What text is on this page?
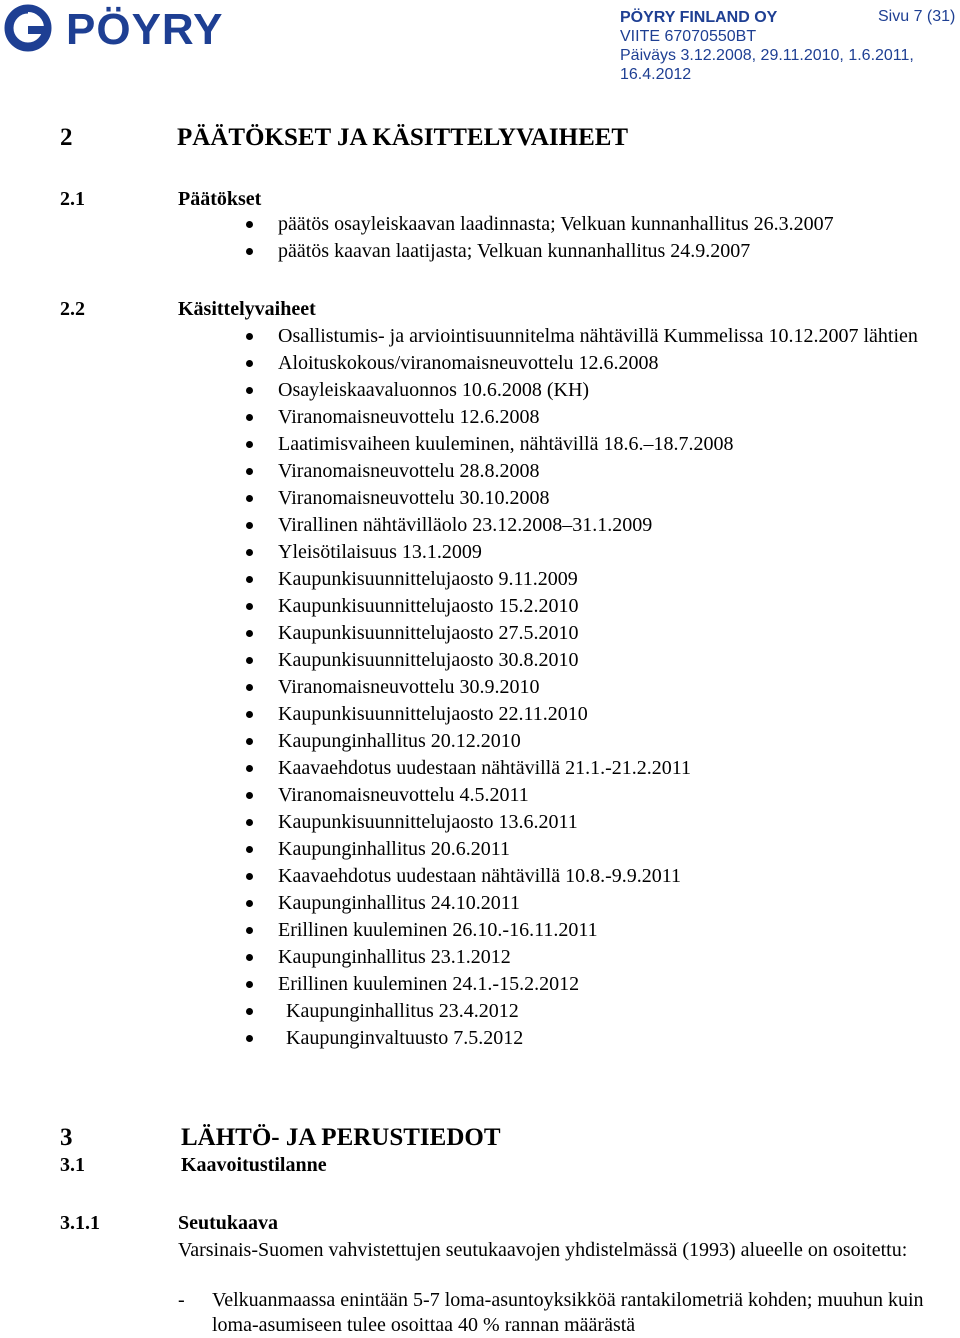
PÖYRY	PÖYRY FINLAND OY
VIITE 67070550BT
Päiväys 3.12.2008, 29.11.2010, 1.6.2011,
16.4.2012
Sivu 7 (31)
2	PÄÄTÖKSET JA KÄSITTELYVAIHEET
2.1	Päätökset
päätös osayleiskaavan laadinnasta; Velkuan kunnanhallitus 26.3.2007
päätös kaavan laatijasta; Velkuan kunnanhallitus 24.9.2007
2.2	Käsittelyvaiheet
Osallistumis- ja arviointisuunnitelma nähtävillä Kummelissa 10.12.2007 lähtien
Aloituskokous/viranomaisneuvottelu 12.6.2008
Osayleiskaavaluonnos 10.6.2008 (KH)
Viranomaisneuvottelu 12.6.2008
Laatimisvaiheen kuuleminen, nähtävillä 18.6.–18.7.2008
Viranomaisneuvottelu 28.8.2008
Viranomaisneuvottelu 30.10.2008
Virallinen nähtävilläolo 23.12.2008–31.1.2009
Yleisötilaisuus 13.1.2009
Kaupunkisuunnittelujaosto 9.11.2009
Kaupunkisuunnittelujaosto 15.2.2010
Kaupunkisuunnittelujaosto 27.5.2010
Kaupunkisuunnittelujaosto 30.8.2010
Viranomaisneuvottelu 30.9.2010
Kaupunkisuunnittelujaosto 22.11.2010
Kaupunginhallitus 20.12.2010
Kaavaehdotus uudestaan nähtävillä 21.1.-21.2.2011
Viranomaisneuvottelu 4.5.2011
Kaupunkisuunnittelujaosto 13.6.2011
Kaupunginhallitus 20.6.2011
Kaavaehdotus uudestaan nähtävillä 10.8.-9.9.2011
Kaupunginhallitus 24.10.2011
Erillinen kuuleminen 26.10.-16.11.2011
Kaupunginhallitus 23.1.2012
Erillinen kuuleminen 24.1.-15.2.2012
Kaupunginhallitus 23.4.2012
Kaupunginvaltuusto 7.5.2012
3	LÄHTÖ- JA PERUSTIEDOT
3.1	Kaavoitustilanne
3.1.1	Seutukaava
Varsinais-Suomen vahvistettujen seutukaavojen yhdistelmässä (1993) alueelle on osoitettu:
- Velkuanmaassa enintään 5-7 loma-asuntoyksikköä rantakilometriä kohden; muuhun kuin loma-asumiseen tulee osoittaa 40 % rannan määrästä
